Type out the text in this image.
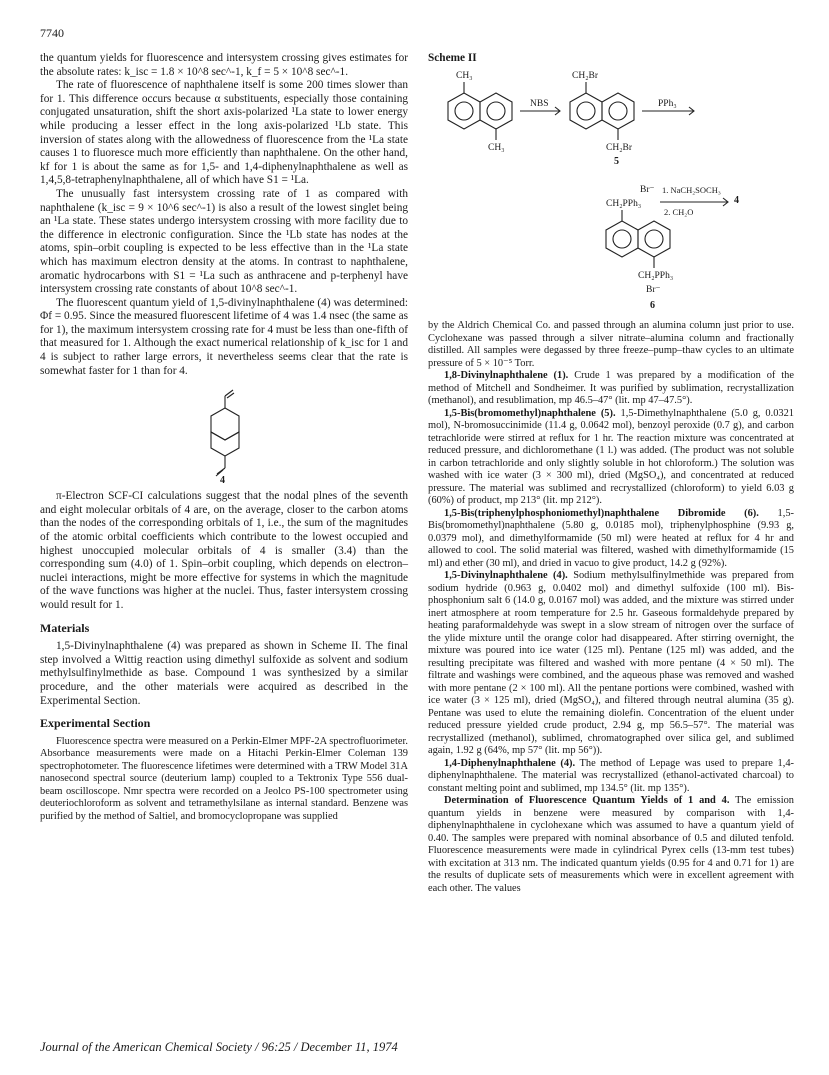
7740

the quantum yields for fluorescence and intersystem crossing gives estimates for the absolute rates: k_isc = 1.8 × 10^8 sec^-1, k_f = 5 × 10^8 sec^-1.

The rate of fluorescence of naphthalene itself is some 200 times slower than for 1. This difference occurs because α substituents, especially those containing conjugated unsaturation, shift the short axis-polarized ¹La state to lower energy while producing a lesser effect in the long axis-polarized ¹Lb state. This inversion of states along with the allowedness of fluorescence from the ¹La state causes 1 to fluoresce much more efficiently than naphthalene. On the other hand, kf for 1 is about the same as for 1,5- and 1,4-diphenylnaphthalene as well as 1,4,5,8-tetraphenylnaphthalene, all of which have S1 = ¹La.

The unusually fast intersystem crossing rate of 1 as compared with naphthalene (k_isc = 9 × 10^6 sec^-1) is also a result of the lowest singlet being an ¹La state. These states undergo intersystem crossing with more facility due to the difference in electronic configuration. Since the ¹Lb state has nodes at the atoms, spin–orbit coupling is expected to be less effective than in the ¹La state which has maximum electron density at the atoms. In contrast to naphthalene, aromatic hydrocarbons with S1 = ¹La such as anthracene and p-terphenyl have intersystem crossing rate constants of about 10^8 sec^-1.

The fluorescent quantum yield of 1,5-divinylnaphthalene (4) was determined: Φf = 0.95. Since the measured fluorescent lifetime of 4 was 1.4 nsec (the same as for 1), the maximum intersystem crossing rate for 4 must be less than one-fifth of that measured for 1. Although the exact numerical relationship of k_isc for 1 and 4 is subject to rather large errors, it nevertheless seems clear that the rate is somewhat faster for 1 than for 4.

4

π-Electron SCF-CI calculations suggest that the nodal plnes of the seventh and eight molecular orbitals of 4 are, on the average, closer to the carbon atoms than the nodes of the corresponding orbitals of 1, i.e., the sum of the magnitudes of the atomic orbital coefficients which contribute to the lowest occupied and highest unoccupied molecular orbitals of 4 is smaller (3.4) than the corresponding sum (4.0) of 1. Spin–orbit coupling, which depends on electron–nuclei interactions, might be more effective for systems in which the magnitude of the wave functions was higher at the nuclei. Thus, faster intersystem crossing would result for 1.

Materials

1,5-Divinylnaphthalene (4) was prepared as shown in Scheme II. The final step involved a Wittig reaction using dimethyl sulfoxide as solvent and sodium methylsulfinylmethide as base. Compound 1 was synthesized by a similar procedure, and the other materials were acquired as described in the Experimental Section.

Experimental Section

Fluorescence spectra were measured on a Perkin-Elmer MPF-2A spectrofluorimeter. Absorbance measurements were made on a Hitachi Perkin-Elmer Coleman 139 spectrophotometer. The fluorescence lifetimes were determined with a TRW Model 31A nanosecond spectral source (deuterium lamp) coupled to a Tektronix Type 556 dual-beam oscilloscope. Nmr spectra were recorded on a Jeolco PS-100 spectrometer using deuteriochloroform as solvent and tetramethylsilane as internal standard. Benzene was purified by the method of Saltiel, and bromocyclopropane was supplied

Scheme II
CH₃
CH₃
NBS
CH₂Br
CH₂Br
5
PPh₃
Br⁻
CH₂PPh₃
1. NaCH₂SOCH₃
2. CH₂O
4
CH₂PPh₃
Br⁻
6

by the Aldrich Chemical Co. and passed through an alumina column just prior to use. Cyclohexane was passed through a silver nitrate–alumina column and fractionally distilled. All samples were degassed by three freeze–pump–thaw cycles to an ultimate pressure of 5 × 10⁻⁵ Torr.

1,8-Divinylnaphthalene (1). Crude 1 was prepared by a modification of the method of Mitchell and Sondheimer. It was purified by sublimation, recrystallization (methanol), and resublimation, mp 46.5–47° (lit. mp 47–47.5°).

1,5-Bis(bromomethyl)naphthalene (5). 1,5-Dimethylnaphthalene (5.0 g, 0.0321 mol), N-bromosuccinimide (11.4 g, 0.0642 mol), benzoyl peroxide (0.7 g), and carbon tetrachloride were stirred at reflux for 1 hr. The reaction mixture was concentrated at reduced pressure, and dichloromethane (1 l.) was added. (The product was not soluble in carbon tetrachloride and only slightly soluble in hot chloroform.) The solution was washed with ice water (3 × 300 ml), dried (MgSO₄), and concentrated at reduced pressure. The material was sublimed and recrystallized (chloroform) to yield 6.03 g (60%) of product, mp 213° (lit. mp 212°).

1,5-Bis(triphenylphosphoniomethyl)naphthalene Dibromide (6). 1,5-Bis(bromomethyl)naphthalene (5.80 g, 0.0185 mol), triphenylphosphine (9.93 g, 0.0379 mol), and dimethylformamide (50 ml) were heated at reflux for 4 hr and allowed to cool. The solid material was filtered, washed with dimethylformamide (15 ml) and ether (30 ml), and dried in vacuo to give product, 14.2 g (92%).

1,5-Divinylnaphthalene (4). Sodium methylsulfinylmethide was prepared from sodium hydride (0.963 g, 0.0402 mol) and dimethyl sulfoxide (100 ml). Bis-phosphonium salt 6 (14.0 g, 0.0167 mol) was added, and the mixture was stirred under inert atmosphere at room temperature for 2.5 hr. Gaseous formaldehyde prepared by heating paraformaldehyde was swept in a slow stream of nitrogen over the surface of the ylide mixture until the orange color had disappeared. After stirring overnight, the mixture was poured into ice water (125 ml). Pentane (125 ml) was added, and the resulting precipitate was filtered and washed with more pentane (4 × 50 ml). The filtrate and washings were combined, and the aqueous phase was removed and washed with more pentane (2 × 100 ml). All the pentane portions were combined, washed with ice water (3 × 125 ml), dried (MgSO₄), and filtered through neutral alumina (35 g). Pentane was used to elute the remaining diolefin. Concentration of the eluent under reduced pressure yielded crude product, 2.94 g, mp 56.5–57°. The material was recrystallized (methanol), sublimed, chromatographed over silica gel, and sublimed again, 1.92 g (64%, mp 57° (lit. mp 56°)).

1,4-Diphenylnaphthalene (4). The method of Lepage was used to prepare 1,4-diphenylnaphthalene. The material was recrystallized (ethanol-activated charcoal) to constant melting point and sublimed, mp 134.5° (lit. mp 135°).

Determination of Fluorescence Quantum Yields of 1 and 4. The emission quantum yields in benzene were measured by comparison with 1,4-diphenylnaphthalene in cyclohexane which was assumed to have a quantum yield of 0.40. The samples were prepared with nominal absorbance of 0.5 and diluted tenfold. Fluorescence measurements were made in cylindrical Pyrex cells (13-mm test tubes) with excitation at 313 nm. The indicated quantum yields (0.95 for 4 and 0.71 for 1) are the results of duplicate sets of measurements which were in excellent agreement with each other. The values

Journal of the American Chemical Society / 96:25 / December 11, 1974
